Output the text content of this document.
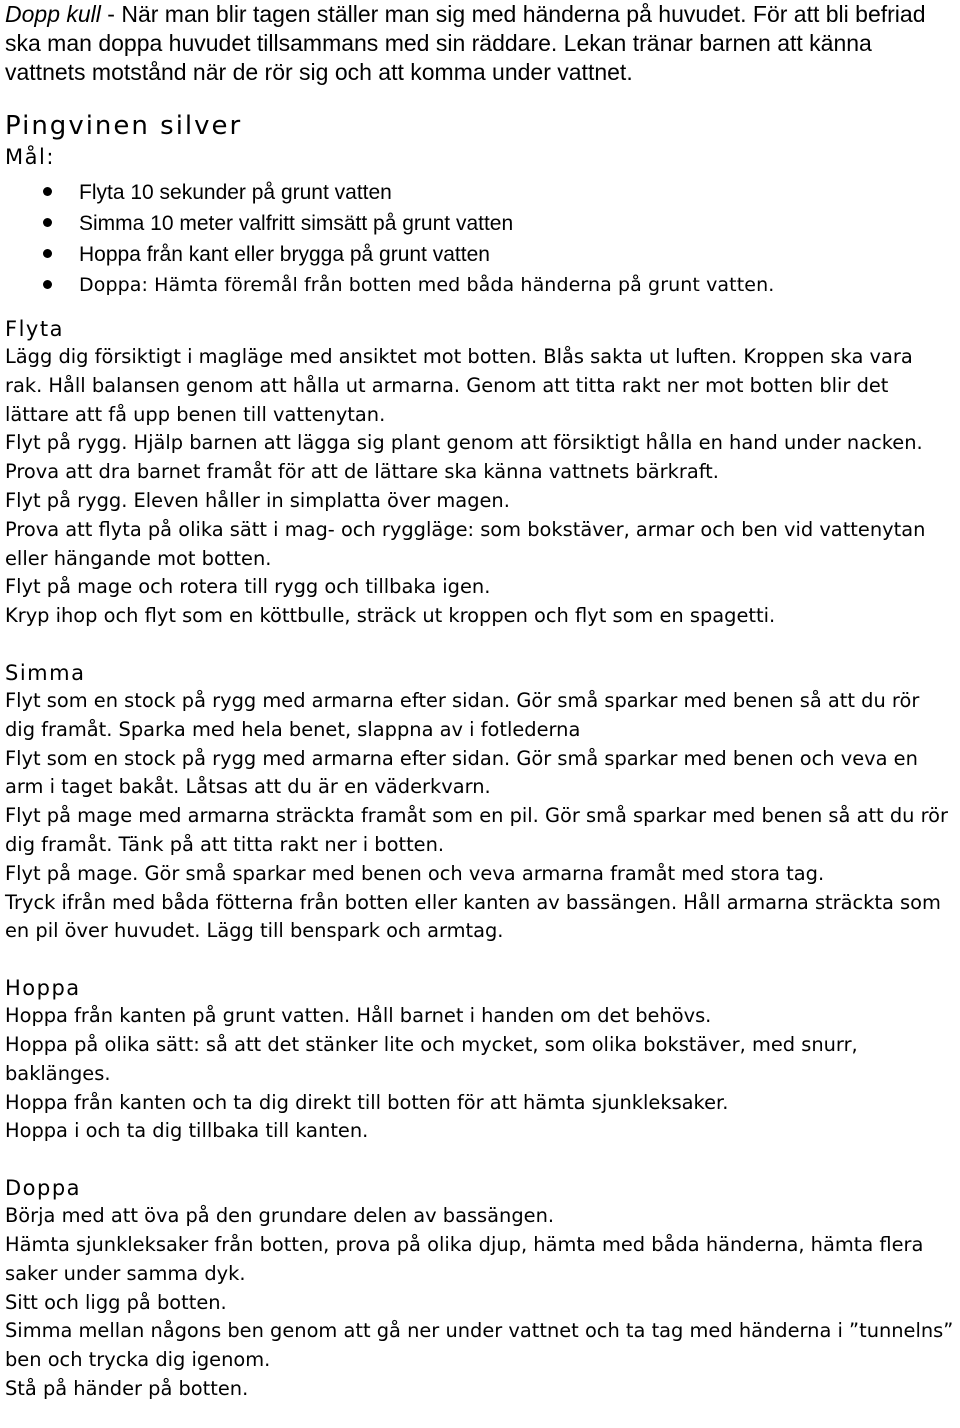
Dopp kull - När man blir tagen ställer man sig med händerna på huvudet. För att bli befriad ska man doppa huvudet tillsammans med sin räddare. Lekan tränar barnen att känna vattnets motstånd när de rör sig och att komma under vattnet.

Pingvinen silver
Mål:
Flyta 10 sekunder på grunt vatten
Simma 10 meter valfritt simsätt på grunt vatten
Hoppa från kant eller brygga på grunt vatten
Doppa: Hämta föremål från botten med båda händerna på grunt vatten.
Flyta

Lägg dig försiktigt i magläge med ansiktet mot botten. Blås sakta ut luften. Kroppen ska vara rak. Håll balansen genom att hålla ut armarna. Genom att titta rakt ner mot botten blir det lättare att få upp benen till vattenytan.

Flyt på rygg. Hjälp barnen att lägga sig plant genom att försiktigt hålla en hand under nacken. Prova att dra barnet framåt för att de lättare ska känna vattnets bärkraft.

Flyt på rygg. Eleven håller in simplatta över magen.

Prova att flyta på olika sätt i mag- och ryggläge: som bokstäver, armar och ben vid vattenytan eller hängande mot botten.

Flyt på mage och rotera till rygg och tillbaka igen.

Kryp ihop och flyt som en köttbulle, sträck ut kroppen och flyt som en spagetti.

Simma

Flyt som en stock på rygg med armarna efter sidan. Gör små sparkar med benen så att du rör dig framåt. Sparka med hela benet, slappna av i fotlederna

Flyt som en stock på rygg med armarna efter sidan. Gör små sparkar med benen och veva en arm i taget bakåt. Låtsas att du är en väderkvarn.

Flyt på mage med armarna sträckta framåt som en pil. Gör små sparkar med benen så att du rör dig framåt. Tänk på att titta rakt ner i botten.

Flyt på mage. Gör små sparkar med benen och veva armarna framåt med stora tag.

Tryck ifrån med båda fötterna från botten eller kanten av bassängen. Håll armarna sträckta som en pil över huvudet. Lägg till benspark och armtag.

Hoppa

Hoppa från kanten på grunt vatten. Håll barnet i handen om det behövs.

Hoppa på olika sätt: så att det stänker lite och mycket, som olika bokstäver, med snurr, baklänges.

Hoppa från kanten och ta dig direkt till botten för att hämta sjunkleksaker.

Hoppa i och ta dig tillbaka till kanten.

Doppa

Börja med att öva på den grundare delen av bassängen.

Hämta sjunkleksaker från botten, prova på olika djup, hämta med båda händerna, hämta flera saker under samma dyk.

Sitt och ligg på botten.

Simma mellan någons ben genom att gå ner under vattnet och ta tag med händerna i ”tunnelns” ben och trycka dig igenom.

Stå på händer på botten.
